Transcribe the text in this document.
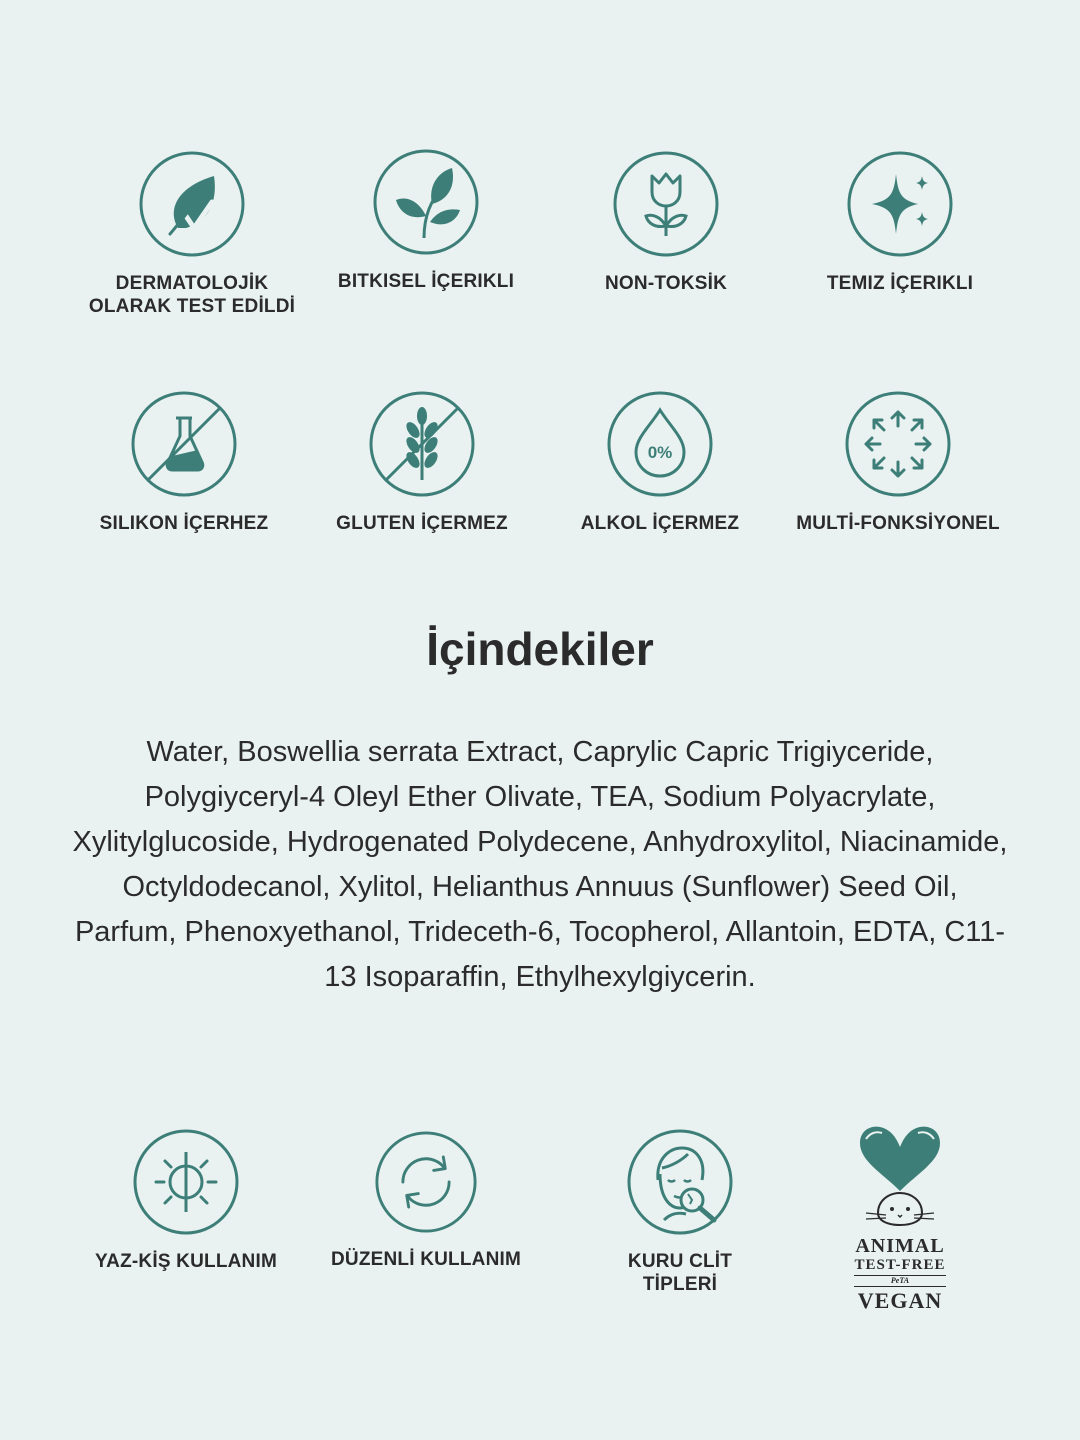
DERMATOLOJİK
OLARAK TEST EDİLDİ
BITKISEL İÇERIKLI	NON-TOKSİK	TEMIZ İÇERIKLI
SILIKON İÇERHEZ	GLUTEN İÇERMEZ
0%
ALKOL İÇERMEZ	MULTİ-FONKSİYONEL
İçindekiler
Water, Boswellia serrata Extract, Caprylic Capric Trigiyceride, Polygiyceryl-4 Oleyl Ether Olivate, TEA, Sodium Polyacrylate, Xylitylglucoside, Hydrogenated Polydecene, Anhydroxylitol, Niacinamide, Octyldodecanol, Xylitol, Helianthus Annuus (Sunflower) Seed Oil, Parfum, Phenoxyethanol, Trideceth-6, Tocopherol, Allantoin, EDTA, C11-13 Isoparaffin, Ethylhexylgiycerin.
YAZ-KİŞ KULLANIM	DÜZENLİ KULLANIM	KURU CLİT
TİPLERİ
ANIMAL
TEST-FREE
PeTA
VEGAN
